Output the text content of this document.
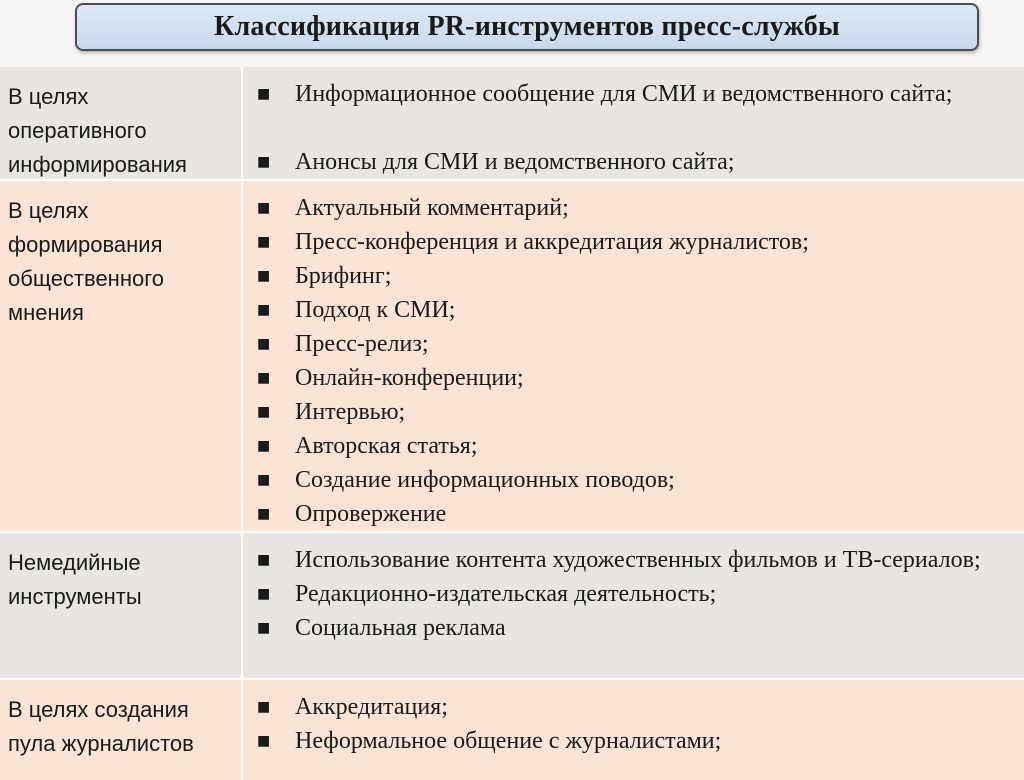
Классификация PR-инструментов пресс-службы
В целях
оперативного
информирования
■ Информационное сообщение для СМИ и ведомственного сайта;
■ Анонсы для СМИ и ведомственного сайта;
В целях
формирования
общественного
мнения
■ Актуальный комментарий;
■ Пресс-конференция и аккредитация журналистов;
■ Брифинг;
■ Подход к СМИ;
■ Пресс-релиз;
■ Онлайн-конференции;
■ Интервью;
■ Авторская статья;
■ Создание информационных поводов;
■ Опровержение
Немедийные
инструменты
■ Использование контента художественных фильмов и ТВ-сериалов;
■ Редакционно-издательская деятельность;
■ Социальная реклама
В целях создания
пула журналистов
■ Аккредитация;
■ Неформальное общение с журналистами;
